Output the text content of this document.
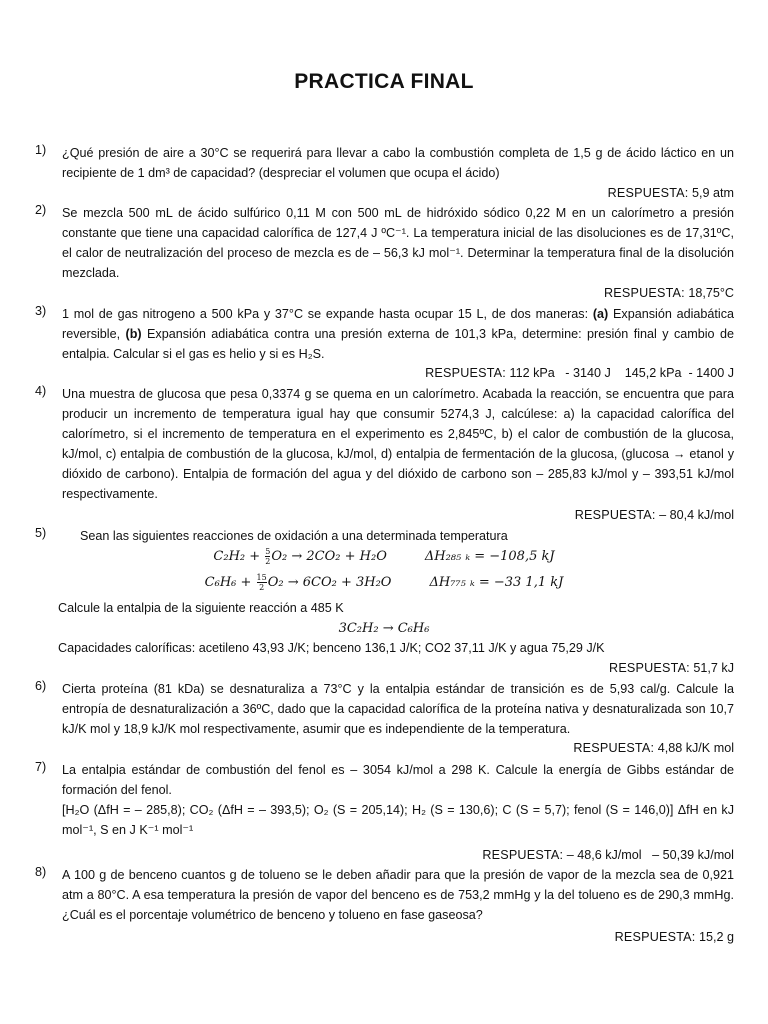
PRACTICA FINAL
1)	¿Qué presión de aire a 30°C se requerirá para llevar a cabo la combustión completa de 1,5 g de ácido láctico en un recipiente de 1 dm³ de capacidad? (despreciar el volumen que ocupa el ácido)
RESPUESTA: 5,9 atm
2)	Se mezcla 500 mL de ácido sulfúrico 0,11 M con 500 mL de hidróxido sódico 0,22 M en un calorímetro a presión constante que tiene una capacidad calorífica de 127,4 J ºC⁻¹. La temperatura inicial de las disoluciones es de 17,31ºC, el calor de neutralización del proceso de mezcla es de – 56,3 kJ mol⁻¹. Determinar la temperatura final de la disolución mezclada.
RESPUESTA: 18,75°C
3)	1 mol de gas nitrogeno a 500 kPa y 37°C se expande hasta ocupar 15 L, de dos maneras: (a) Expansión adiabática reversible, (b) Expansión adiabática contra una presión externa de 101,3 kPa, determine: presión final y cambio de entalpia. Calcular si el gas es helio y si es H₂S.
RESPUESTA: 112 kPa   - 3140 J    145,2 kPa  - 1400 J
4)	Una muestra de glucosa que pesa 0,3374 g se quema en un calorímetro. Acabada la reacción, se encuentra que para producir un incremento de temperatura igual hay que consumir 5274,3 J, calcúlese: a) la capacidad calorífica del calorímetro, si el incremento de temperatura en el experimento es 2,845ºC, b) el calor de combustión de la glucosa, kJ/mol, c) entalpia de combustión de la glucosa, kJ/mol, d) entalpia de fermentación de la glucosa, (glucosa → etanol y dióxido de carbono). Entalpia de formación del agua y del dióxido de carbono son – 285,83 kJ/mol y – 393,51 kJ/mol respectivamente.
RESPUESTA: – 80,4 kJ/mol
5)	Sean las siguientes reacciones de oxidación a una determinada temperatura
$C_2H_2 + \frac{5}{2}O_2 \to 2CO_2 + H_2O$	ΔH₂₈₅ ₖ = −108,5 kJ
$C_6H_6 + \frac{15}{2}O_2 \to 6CO_2 + 3H_2O$	ΔH₇₇₅ ₖ = −33 1,1 kJ
Calcule la entalpia de la siguiente reacción a 485 K
3C₂H₂ → C₆H₆
Capacidades caloríficas: acetileno 43,93 J/K; benceno 136,1 J/K; CO2 37,11 J/K y agua 75,29 J/K
RESPUESTA: 51,7 kJ
6)	Cierta proteína (81 kDa) se desnaturaliza a 73°C y la entalpia estándar de transición es de 5,93 cal/g. Calcule la entropía de desnaturalización a 36ºC, dado que la capacidad calorífica de la proteína nativa y desnaturalizada son 10,7 kJ/K mol y 18,9 kJ/K mol respectivamente, asumir que es independiente de la temperatura.
RESPUESTA: 4,88 kJ/K mol
7)	La entalpia estándar de combustión del fenol es – 3054 kJ/mol a 298 K. Calcule la energía de Gibbs estándar de formación del fenol.
[H₂O (ΔfH = – 285,8); CO₂ (ΔfH = – 393,5); O₂ (S = 205,14); H₂ (S = 130,6); C (S = 5,7); fenol (S = 146,0)] ΔfH en kJ mol⁻¹, S en J K⁻¹ mol⁻¹
RESPUESTA: – 48,6 kJ/mol   – 50,39 kJ/mol
8)	A 100 g de benceno cuantos g de tolueno se le deben añadir para que la presión de vapor de la mezcla sea de 0,921 atm a 80°C. A esa temperatura la presión de vapor del benceno es de 753,2 mmHg y la del tolueno es de 290,3 mmHg. ¿Cuál es el porcentaje volumétrico de benceno y tolueno en fase gaseosa?
RESPUESTA: 15,2 g
